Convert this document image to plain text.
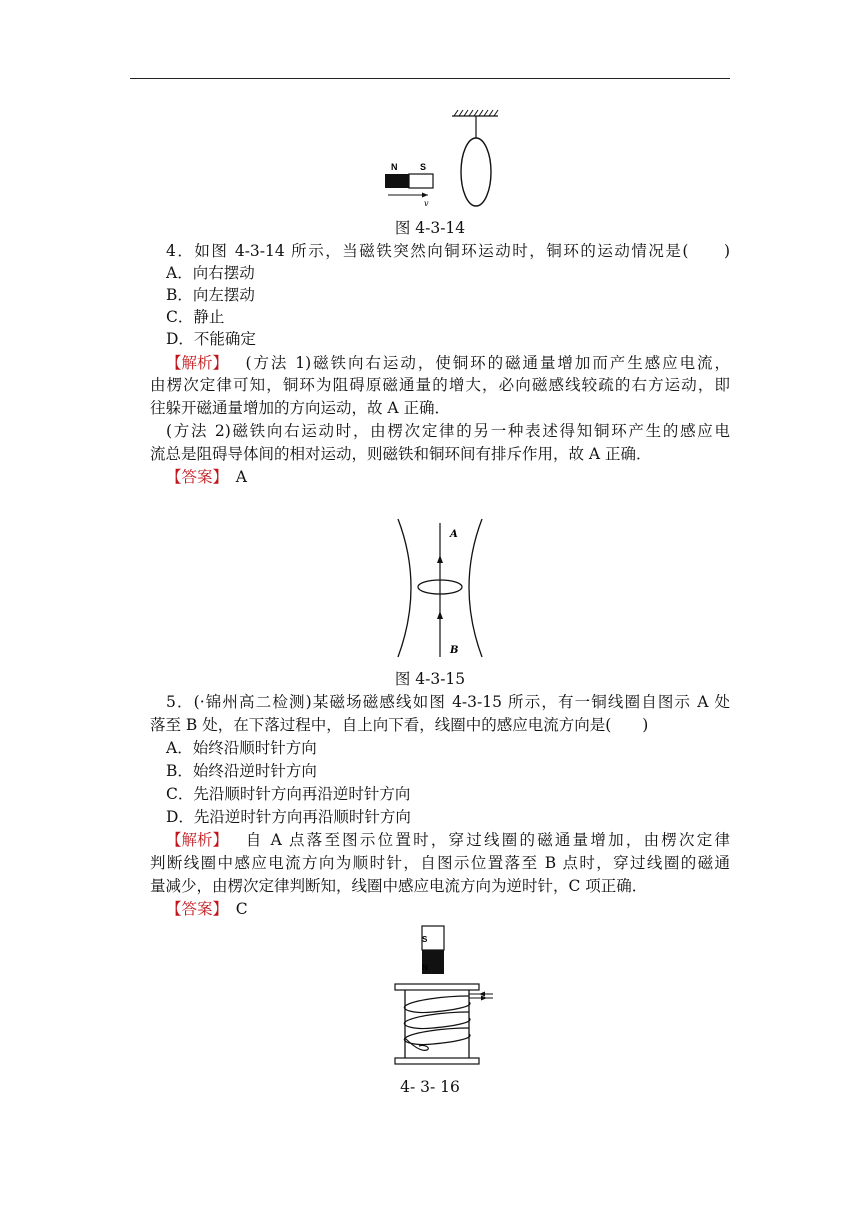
N	S
v
图 4-3-14
4．如图 4-3-14 所示，当磁铁突然向铜环运动时，铜环的运动情况是(　　)
A．向右摆动
B．向左摆动
C．静止
D．不能确定
【解析】 　(方法 1)磁铁向右运动，使铜环的磁通量增加而产生感应电流，
由楞次定律可知，铜环为阻碍原磁通量的增大，必向磁感线较疏的右方运动，即
往躲开磁通量增加的方向运动，故 A 正确．
(方法 2)磁铁向右运动时，由楞次定律的另一种表述得知铜环产生的感应电
流总是阻碍导体间的相对运动，则磁铁和铜环间有排斥作用，故 A 正确．
【答案】　A
A
B
图 4-3-15
5．(·锦州高二检测)某磁场磁感线如图 4-3-15 所示，有一铜线圈自图示 A 处
落至 B 处，在下落过程中，自上向下看，线圈中的感应电流方向是(　　)
A．始终沿顺时针方向
B．始终沿逆时针方向
C．先沿顺时针方向再沿逆时针方向
D．先沿逆时针方向再沿顺时针方向
【解析】 　自 A 点落至图示位置时，穿过线圈的磁通量增加，由楞次定律
判断线圈中感应电流方向为顺时针，自图示位置落至 B 点时，穿过线圈的磁通
量减少，由楞次定律判断知，线圈中感应电流方向为逆时针，C 项正确．
【答案】　C
S
N
4- 3- 16
